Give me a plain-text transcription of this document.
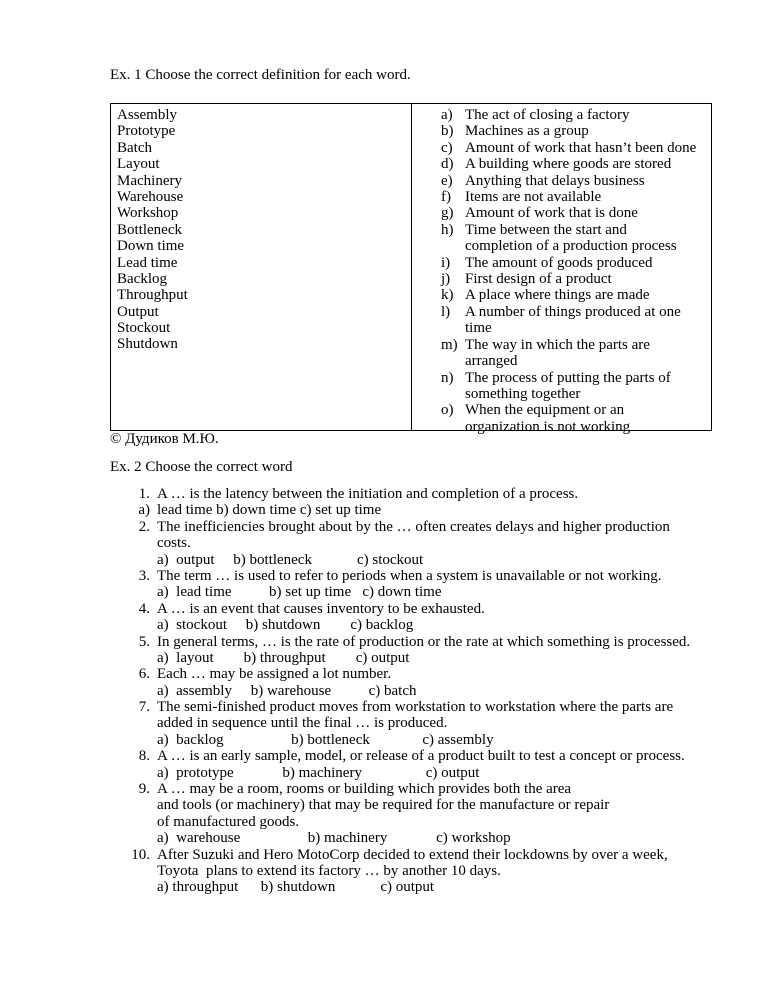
Ex. 1 Choose the correct definition for each word.
Assembly
Prototype
Batch
Layout
Machinery
Warehouse
Workshop
Bottleneck
Down time
Lead time
Backlog
Throughput
Output
Stockout
Shutdown
a) The act of closing a factory
b) Machines as a group
c) Amount of work that hasn’t been done
d) A building where goods are stored
e) Anything that delays business
f) Items are not available
g) Amount of work that is done
h) Time between the start and
completion of a production process
i) The amount of goods produced
j) First design of a product
k) A place where things are made
l) A number of things produced at one
time
m) The way in which the parts are
arranged
n) The process of putting the parts of
something together
o) When the equipment or an
organization is not working
© Дудиков М.Ю.
Ex. 2 Choose the correct word
1. A … is the latency between the initiation and completion of a process.
a) lead time b) down time c) set up time
2. The inefficiencies brought about by the … often creates delays and higher production
costs.
a)  output     b) bottleneck            c) stockout
3. The term … is used to refer to periods when a system is unavailable or not working.
a)  lead time          b) set up time   c) down time
4. A … is an event that causes inventory to be exhausted.
a)  stockout     b) shutdown        c) backlog
5. In general terms, … is the rate of production or the rate at which something is processed.
a)  layout        b) throughput        c) output
6. Each … may be assigned a lot number.
a)  assembly     b) warehouse          c) batch
7. The semi-finished product moves from workstation to workstation where the parts are
added in sequence until the final … is produced.
a)  backlog                  b) bottleneck              c) assembly
8. A … is an early sample, model, or release of a product built to test a concept or process.
a)  prototype             b) machinery                 c) output
9. A … may be a room, rooms or building which provides both the area
and tools (or machinery) that may be required for the manufacture or repair
of manufactured goods.
a)  warehouse                  b) machinery             c) workshop
10. After Suzuki and Hero MotoCorp decided to extend their lockdowns by over a week,
Toyota  plans to extend its factory … by another 10 days.
a) throughput      b) shutdown            c) output
